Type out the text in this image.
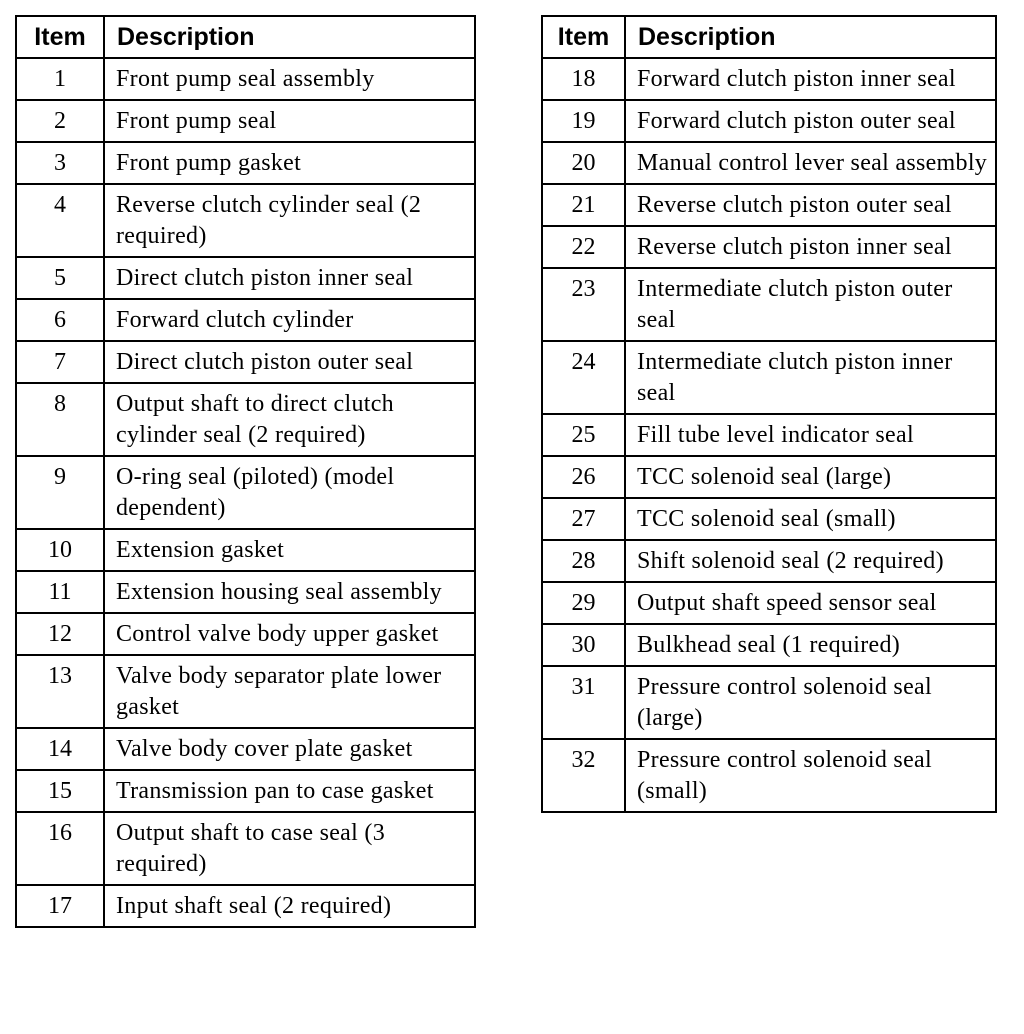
Item	Description
1	Front pump seal assembly
2	Front pump seal
3	Front pump gasket
4	Reverse clutch cylinder seal (2 required)
5	Direct clutch piston inner seal
6	Forward clutch cylinder
7	Direct clutch piston outer seal
8	Output shaft to direct clutch cylinder seal (2 required)
9	O-ring seal (piloted) (model dependent)
10	Extension gasket
11	Extension housing seal assembly
12	Control valve body upper gasket
13	Valve body separator plate lower gasket
14	Valve body cover plate gasket
15	Transmission pan to case gasket
16	Output shaft to case seal (3 required)
17	Input shaft seal (2 required)
Item	Description
18	Forward clutch piston inner seal
19	Forward clutch piston outer seal
20	Manual control lever seal assembly
21	Reverse clutch piston outer seal
22	Reverse clutch piston inner seal
23	Intermediate clutch piston outer seal
24	Intermediate clutch piston inner seal
25	Fill tube level indicator seal
26	TCC solenoid seal (large)
27	TCC solenoid seal (small)
28	Shift solenoid seal (2 required)
29	Output shaft speed sensor seal
30	Bulkhead seal (1 required)
31	Pressure control solenoid seal (large)
32	Pressure control solenoid seal (small)
